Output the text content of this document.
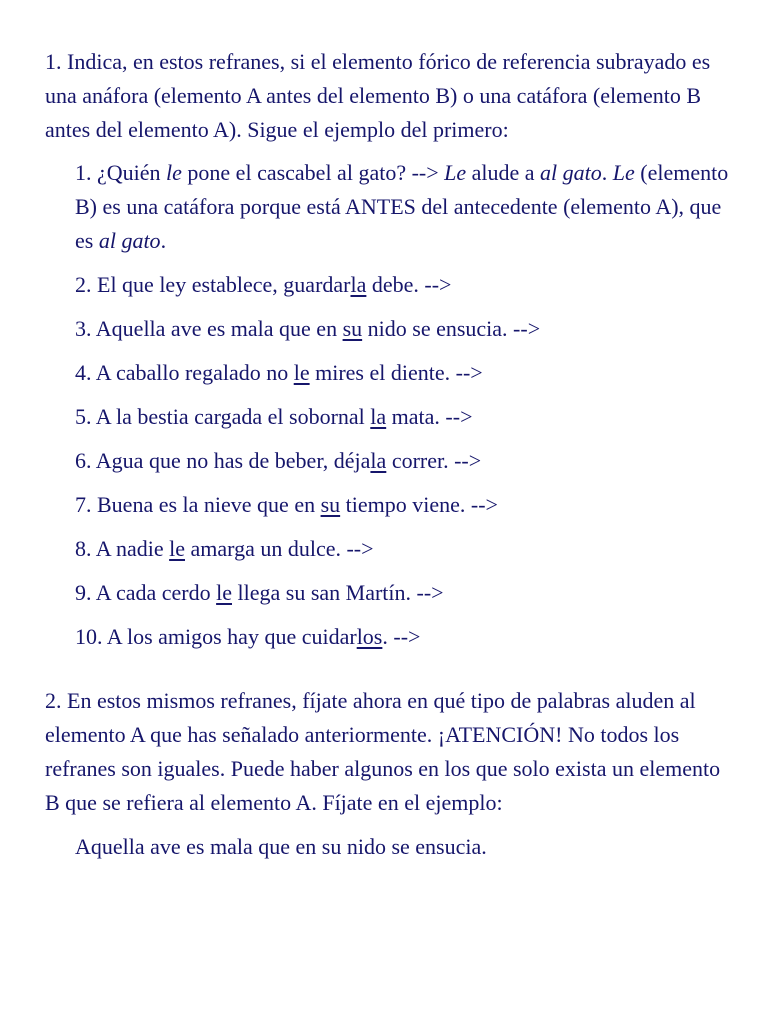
1. Indica, en estos refranes, si el elemento fórico de referencia subrayado es una anáfora (elemento A antes del elemento B) o una catáfora (elemento B antes del elemento A). Sigue el ejemplo del primero:

1. ¿Quién le pone el cascabel al gato? --> Le alude a al gato. Le (elemento B) es una catáfora porque está ANTES del antecedente (elemento A), que es al gato.
2. El que ley establece, guardarla debe. -->
3. Aquella ave es mala que en su nido se ensucia. -->
4. A caballo regalado no le mires el diente. -->
5. A la bestia cargada el sobornal la mata. -->
6. Agua que no has de beber, déjala correr. -->
7. Buena es la nieve que en su tiempo viene. -->
8. A nadie le amarga un dulce. -->
9. A cada cerdo le llega su san Martín. -->
10. A los amigos hay que cuidarlos. -->

2. En estos mismos refranes, fíjate ahora en qué tipo de palabras aluden al elemento A que has señalado anteriormente. ¡ATENCIÓN! No todos los refranes son iguales. Puede haber algunos en los que solo exista un elemento B que se refiera al elemento A. Fíjate en el ejemplo:

Aquella ave es mala que en su nido se ensucia.
